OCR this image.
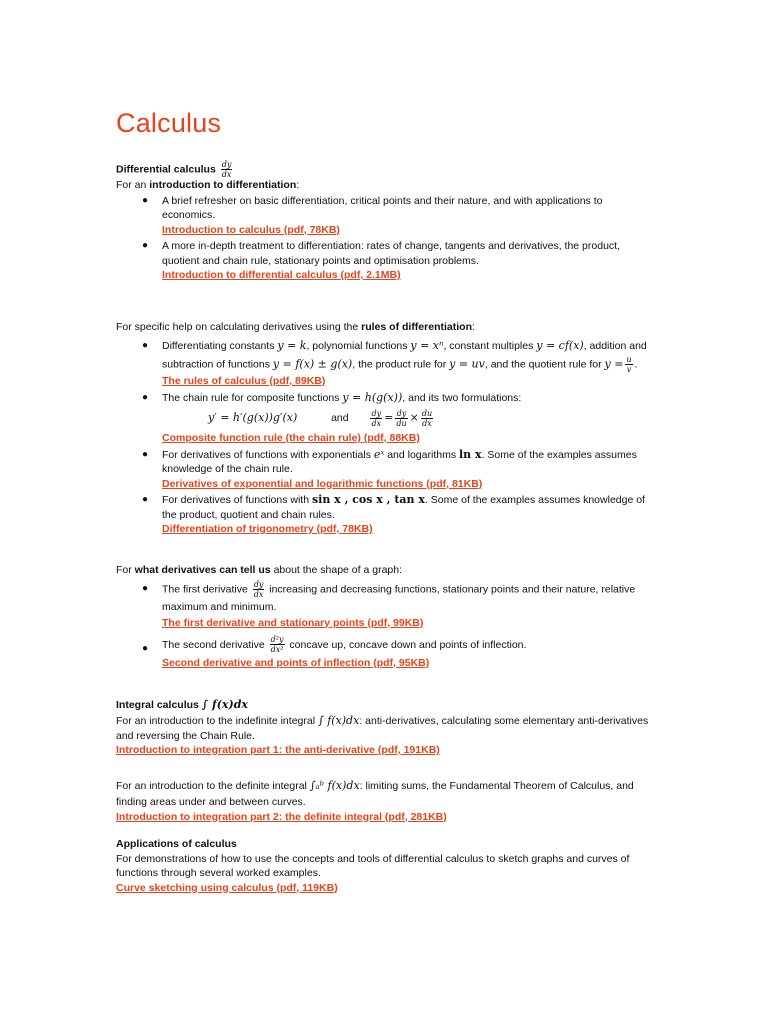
Calculus
Differential calculus $\frac{dy}{dx}$
For an introduction to differentiation:
● A brief refresher on basic differentiation, critical points and their nature, and with applications to economics.
Introduction to calculus (pdf, 78KB)
● A more in-depth treatment to differentiation: rates of change, tangents and derivatives, the product, quotient and chain rule, stationary points and optimisation problems.
Introduction to differential calculus (pdf, 2.1MB)
For specific help on calculating derivatives using the rules of differentiation:
● Differentiating constants y = k, polynomial functions y = xⁿ, constant multiples y = cf(x), addition and subtraction of functions y = f(x) ± g(x), the product rule for y = uv, and the quotient rule for $y = \frac{u}{v}$ .
The rules of calculus (pdf, 89KB)
● The chain rule for composite functions y = h(g(x)), and its two formulations:
y′ = h′(g(x))g′(x)	and	$\frac{dy}{dx} = \frac{dy}{du} \times \frac{du}{dx}$
Composite function rule (the chain rule) (pdf, 88KB)
● For derivatives of functions with exponentials eˣ and logarithms ln x. Some of the examples assumes knowledge of the chain rule.
Derivatives of exponential and logarithmic functions (pdf, 81KB)
● For derivatives of functions with sin x , cos x , tan x. Some of the examples assumes knowledge of the product, quotient and chain rules.
Differentiation of trigonometry (pdf, 78KB)
For what derivatives can tell us about the shape of a graph:
● The first derivative $\frac{dy}{dx}$ increasing and decreasing functions, stationary points and their nature, relative maximum and minimum.
The first derivative and stationary points (pdf, 99KB)
● The second derivative $\frac{\text{d²y}}{\text{dx²}}$ concave up, concave down and points of inflection.
Second derivative and points of inflection (pdf, 95KB)
Integral calculus ∫ f(x)dx
For an introduction to the indefinite integral ∫ f(x)dx: anti-derivatives, calculating some elementary anti-derivatives and reversing the Chain Rule.
Introduction to integration part 1: the anti-derivative (pdf, 191KB)
For an introduction to the definite integral ∫ₐᵇ f(x)dx: limiting sums, the Fundamental Theorem of Calculus, and finding areas under and between curves.
Introduction to integration part 2: the definite integral (pdf, 281KB)
Applications of calculus
For demonstrations of how to use the concepts and tools of differential calculus to sketch graphs and curves of functions through several worked examples.
Curve sketching using calculus (pdf, 119KB)
